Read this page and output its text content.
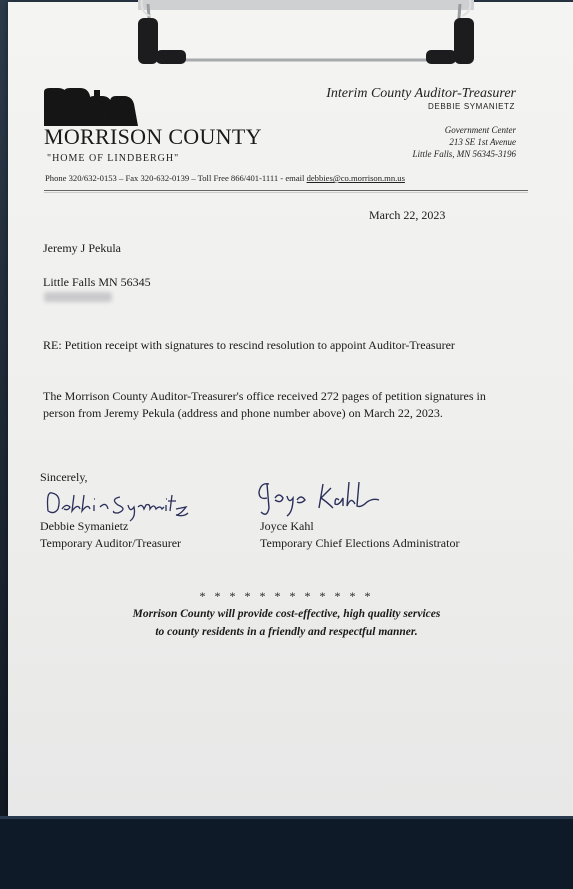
MORRISON COUNTY
"HOME OF LINDBERGH"
Interim County Auditor-Treasurer
DEBBIE SYMANIETZ
Government Center
213 SE 1st Avenue
Little Falls, MN 56345-3196
Phone 320/632-0153 – Fax 320-632-0139 – Toll Free 866/401-1111 - email debbies@co.morrison.mn.us
March 22, 2023
Jeremy J Pekula
Little Falls MN 56345
RE: Petition receipt with signatures to rescind resolution to appoint Auditor-Treasurer
The Morrison County Auditor-Treasurer's office received 272 pages of petition signatures in
person from Jeremy Pekula (address and phone number above) on March 22, 2023.
Sincerely,
Debbie Symanietz
Temporary Auditor/Treasurer
Joyce Kahl
Temporary Chief Elections Administrator
* * * * * * * * * * * *
Morrison County will provide cost-effective, high quality services
to county residents in a friendly and respectful manner.
